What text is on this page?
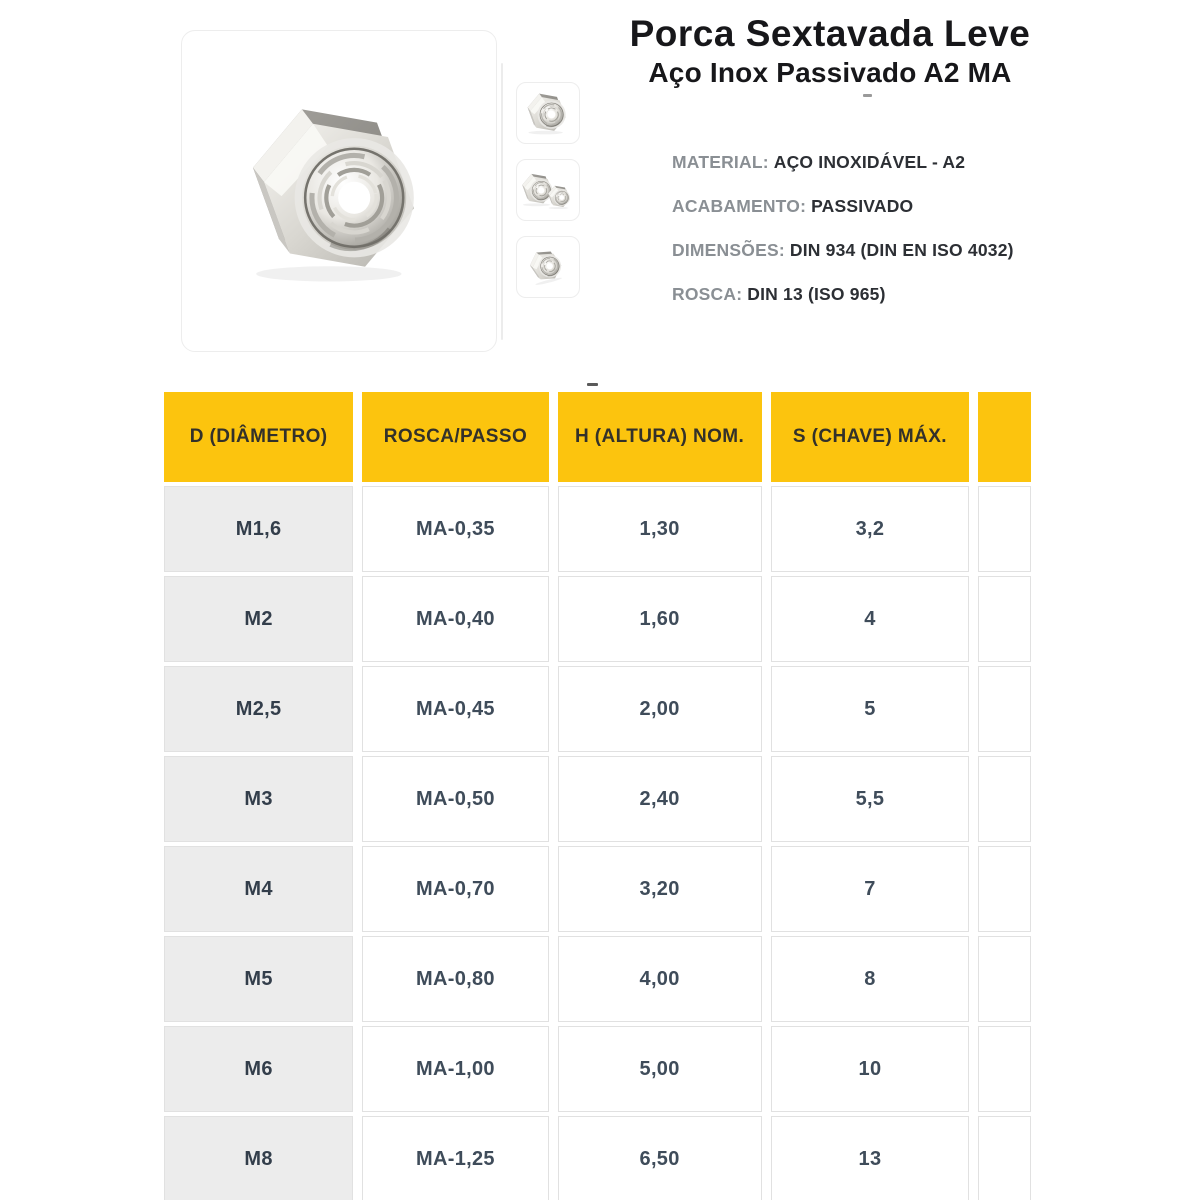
Porca Sextavada Leve
Aço Inox Passivado A2 MA
MATERIAL: AÇO INOXIDÁVEL - A2
ACABAMENTO: PASSIVADO
DIMENSÕES: DIN 934 (DIN EN ISO 4032)
ROSCA: DIN 13 (ISO 965)
D (DIÂMETRO)	ROSCA/PASSO	H (ALTURA) NOM.	S (CHAVE) MÁX.	
M1,6	MA-0,35	1,30	3,2	
M2	MA-0,40	1,60	4	
M2,5	MA-0,45	2,00	5	
M3	MA-0,50	2,40	5,5	
M4	MA-0,70	3,20	7	
M5	MA-0,80	4,00	8	
M6	MA-1,00	5,00	10	
M8	MA-1,25	6,50	13	
